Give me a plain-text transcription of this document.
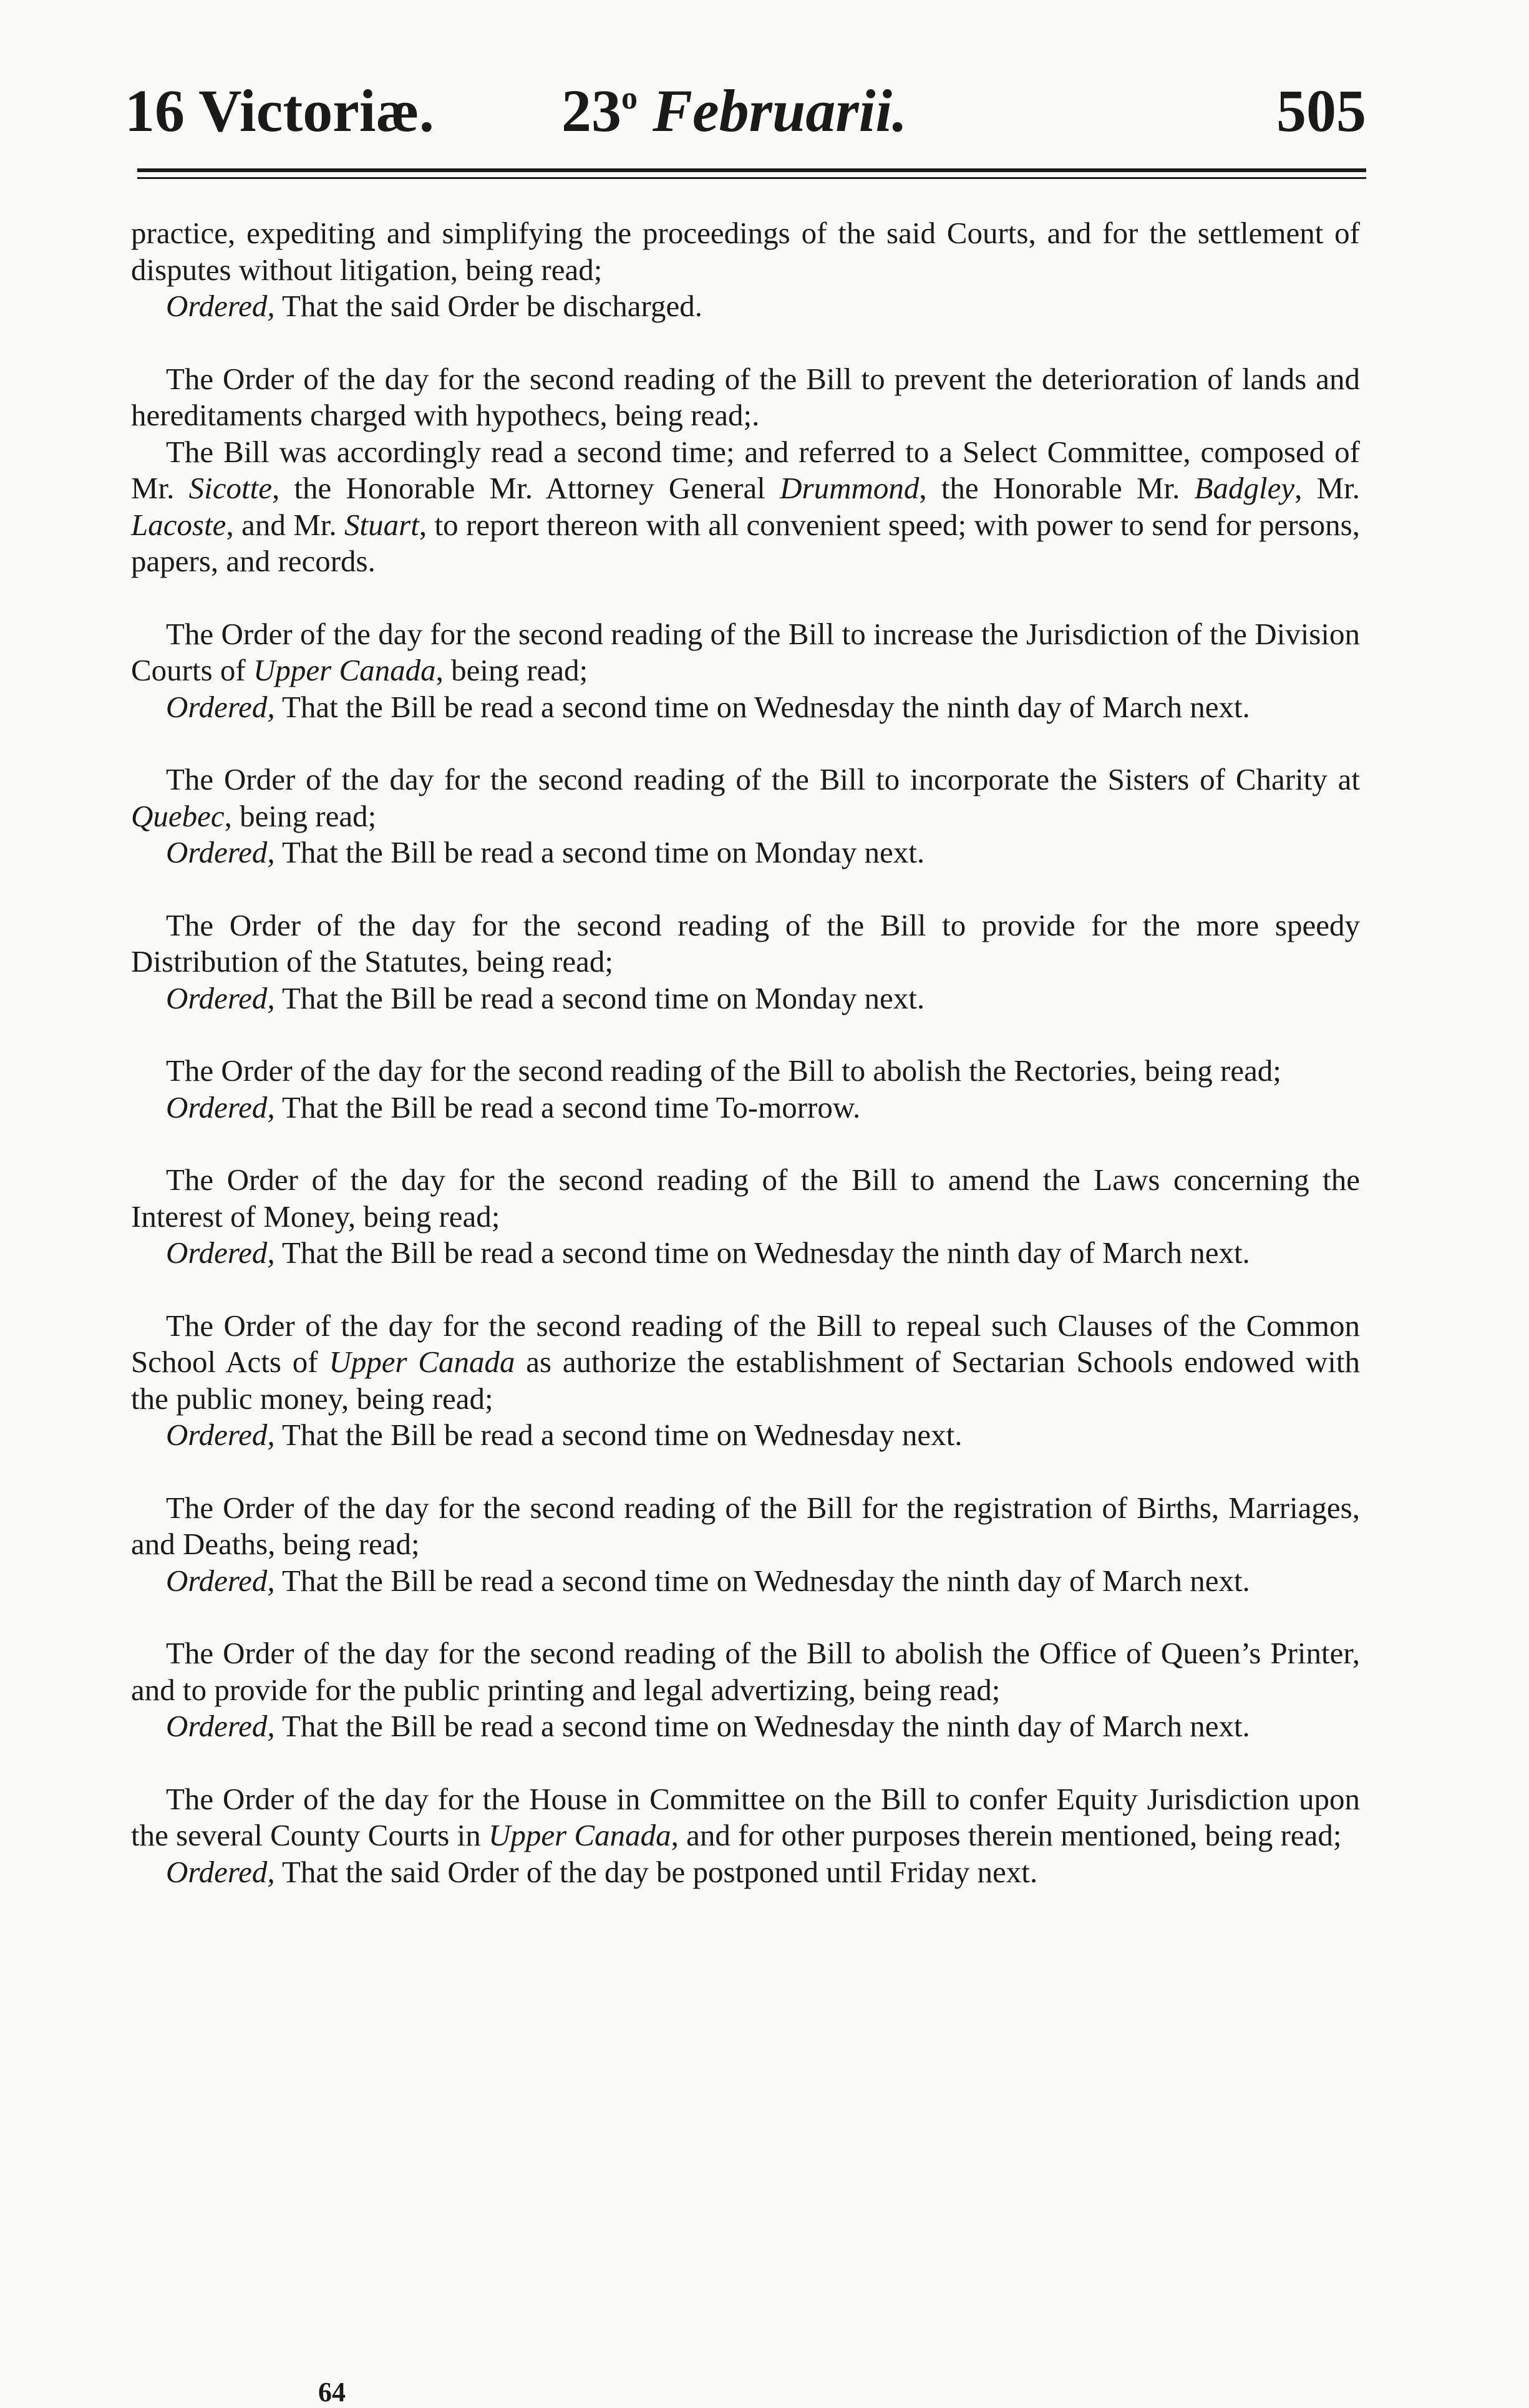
16 Victoriæ. 23$^o$ Februarii.	505

practice, expediting and simplifying the proceedings of the said Courts, and for the settlement of disputes without litigation, being read;

Ordered, That the said Order be discharged.

The Order of the day for the second reading of the Bill to prevent the deterioration of lands and hereditaments charged with hypothecs, being read;.

The Bill was accordingly read a second time; and referred to a Select Committee, composed of Mr. Sicotte, the Honorable Mr. Attorney General Drummond, the Honorable Mr. Badgley, Mr. Lacoste, and Mr. Stuart, to report thereon with all convenient speed; with power to send for persons, papers, and records.

The Order of the day for the second reading of the Bill to increase the Jurisdiction of the Division Courts of Upper Canada, being read;

Ordered, That the Bill be read a second time on Wednesday the ninth day of March next.

The Order of the day for the second reading of the Bill to incorporate the Sisters of Charity at Quebec, being read;

Ordered, That the Bill be read a second time on Monday next.

The Order of the day for the second reading of the Bill to provide for the more speedy Distribution of the Statutes, being read;

Ordered, That the Bill be read a second time on Monday next.

The Order of the day for the second reading of the Bill to abolish the Rectories, being read;

Ordered, That the Bill be read a second time To-morrow.

The Order of the day for the second reading of the Bill to amend the Laws concerning the Interest of Money, being read;

Ordered, That the Bill be read a second time on Wednesday the ninth day of March next.

The Order of the day for the second reading of the Bill to repeal such Clauses of the Common School Acts of Upper Canada as authorize the establishment of Sectarian Schools endowed with the public money, being read;

Ordered, That the Bill be read a second time on Wednesday next.

The Order of the day for the second reading of the Bill for the registration of Births, Marriages, and Deaths, being read;

Ordered, That the Bill be read a second time on Wednesday the ninth day of March next.

The Order of the day for the second reading of the Bill to abolish the Office of Queen’s Printer, and to provide for the public printing and legal advertizing, being read;

Ordered, That the Bill be read a second time on Wednesday the ninth day of March next.

The Order of the day for the House in Committee on the Bill to confer Equity Jurisdiction upon the several County Courts in Upper Canada, and for other purposes therein mentioned, being read;

Ordered, That the said Order of the day be postponed until Friday next.

64
